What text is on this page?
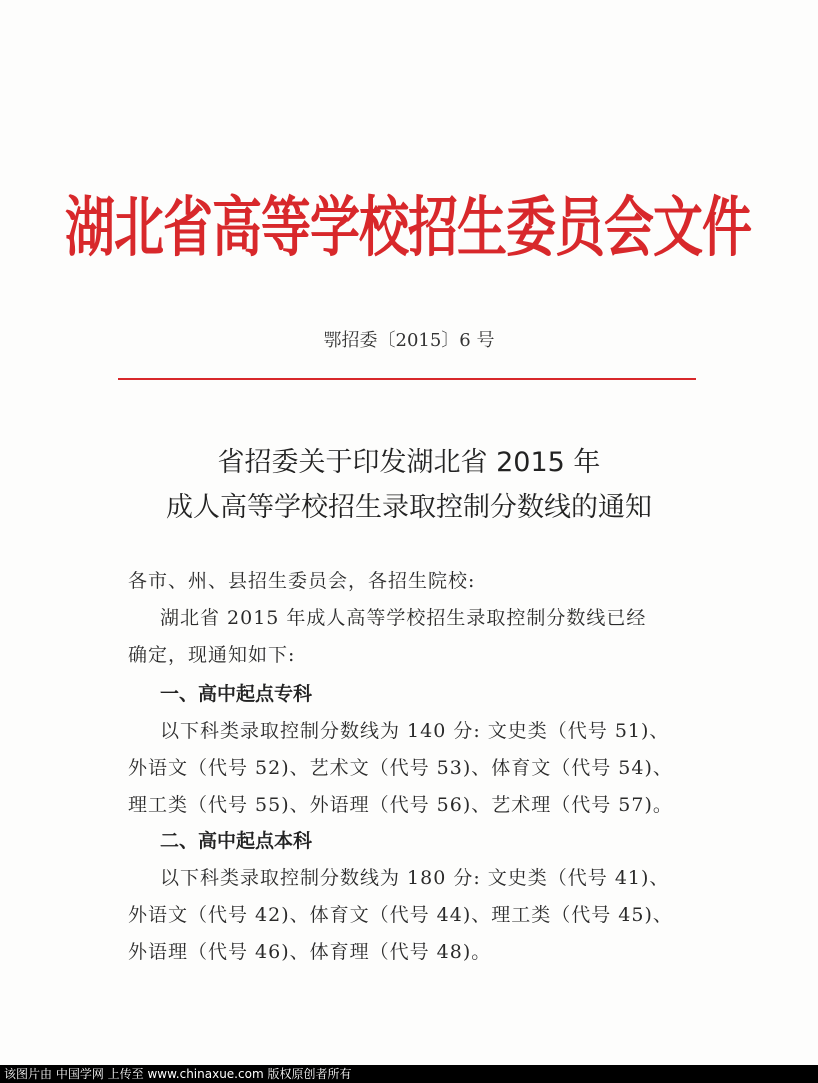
湖北省高等学校招生委员会文件
鄂招委〔2015〕6 号
省招委关于印发湖北省 2015 年
成人高等学校招生录取控制分数线的通知
各市、州、县招生委员会，各招生院校:
湖北省 2015 年成人高等学校招生录取控制分数线已经
确定，现通知如下:
一、高中起点专科
以下科类录取控制分数线为 140 分: 文史类（代号 51)、
外语文（代号 52)、艺术文（代号 53)、体育文（代号 54)、
理工类（代号 55)、外语理（代号 56)、艺术理（代号 57)。
二、高中起点本科
以下科类录取控制分数线为 180 分: 文史类（代号 41)、
外语文（代号 42)、体育文（代号 44)、理工类（代号 45)、
外语理（代号 46)、体育理（代号 48)。
该图片由 中国学网 上传至 www.chinaxue.com 版权原创者所有
